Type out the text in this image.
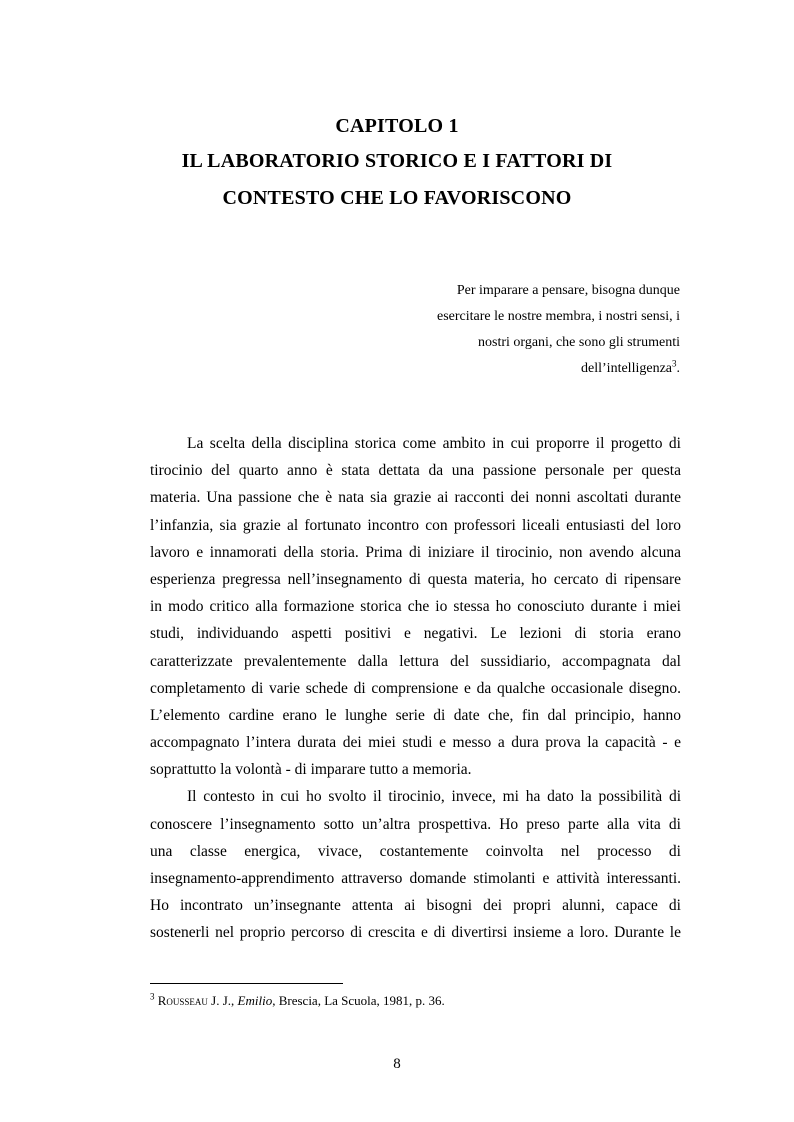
CAPITOLO 1
IL LABORATORIO STORICO E I FATTORI DI
CONTESTO CHE LO FAVORISCONO
Per imparare a pensare, bisogna dunque
esercitare le nostre membra, i nostri sensi, i
nostri organi, che sono gli strumenti
dell’intelligenza$^3$.
La scelta della disciplina storica come ambito in cui proporre il progetto di
tirocinio del quarto anno è stata dettata da una passione personale per questa
materia. Una passione che è nata sia grazie ai racconti dei nonni ascoltati durante
l’infanzia, sia grazie al fortunato incontro con professori liceali entusiasti del loro
lavoro e innamorati della storia. Prima di iniziare il tirocinio, non avendo alcuna
esperienza pregressa nell’insegnamento di questa materia, ho cercato di ripensare
in modo critico alla formazione storica che io stessa ho conosciuto durante i miei
studi, individuando aspetti positivi e negativi. Le lezioni di storia erano
caratterizzate prevalentemente dalla lettura del sussidiario, accompagnata dal
completamento di varie schede di comprensione e da qualche occasionale disegno.
L’elemento cardine erano le lunghe serie di date che, fin dal principio, hanno
accompagnato l’intera durata dei miei studi e messo a dura prova la capacità - e
soprattutto la volontà - di imparare tutto a memoria.
Il contesto in cui ho svolto il tirocinio, invece, mi ha dato la possibilità di
conoscere l’insegnamento sotto un’altra prospettiva. Ho preso parte alla vita di
una classe energica, vivace, costantemente coinvolta nel processo di
insegnamento-apprendimento attraverso domande stimolanti e attività interessanti.
Ho incontrato un’insegnante attenta ai bisogni dei propri alunni, capace di
sostenerli nel proprio percorso di crescita e di divertirsi insieme a loro. Durante le
$^3$ Rousseau J. J., Emilio, Brescia, La Scuola, 1981, p. 36.
8
